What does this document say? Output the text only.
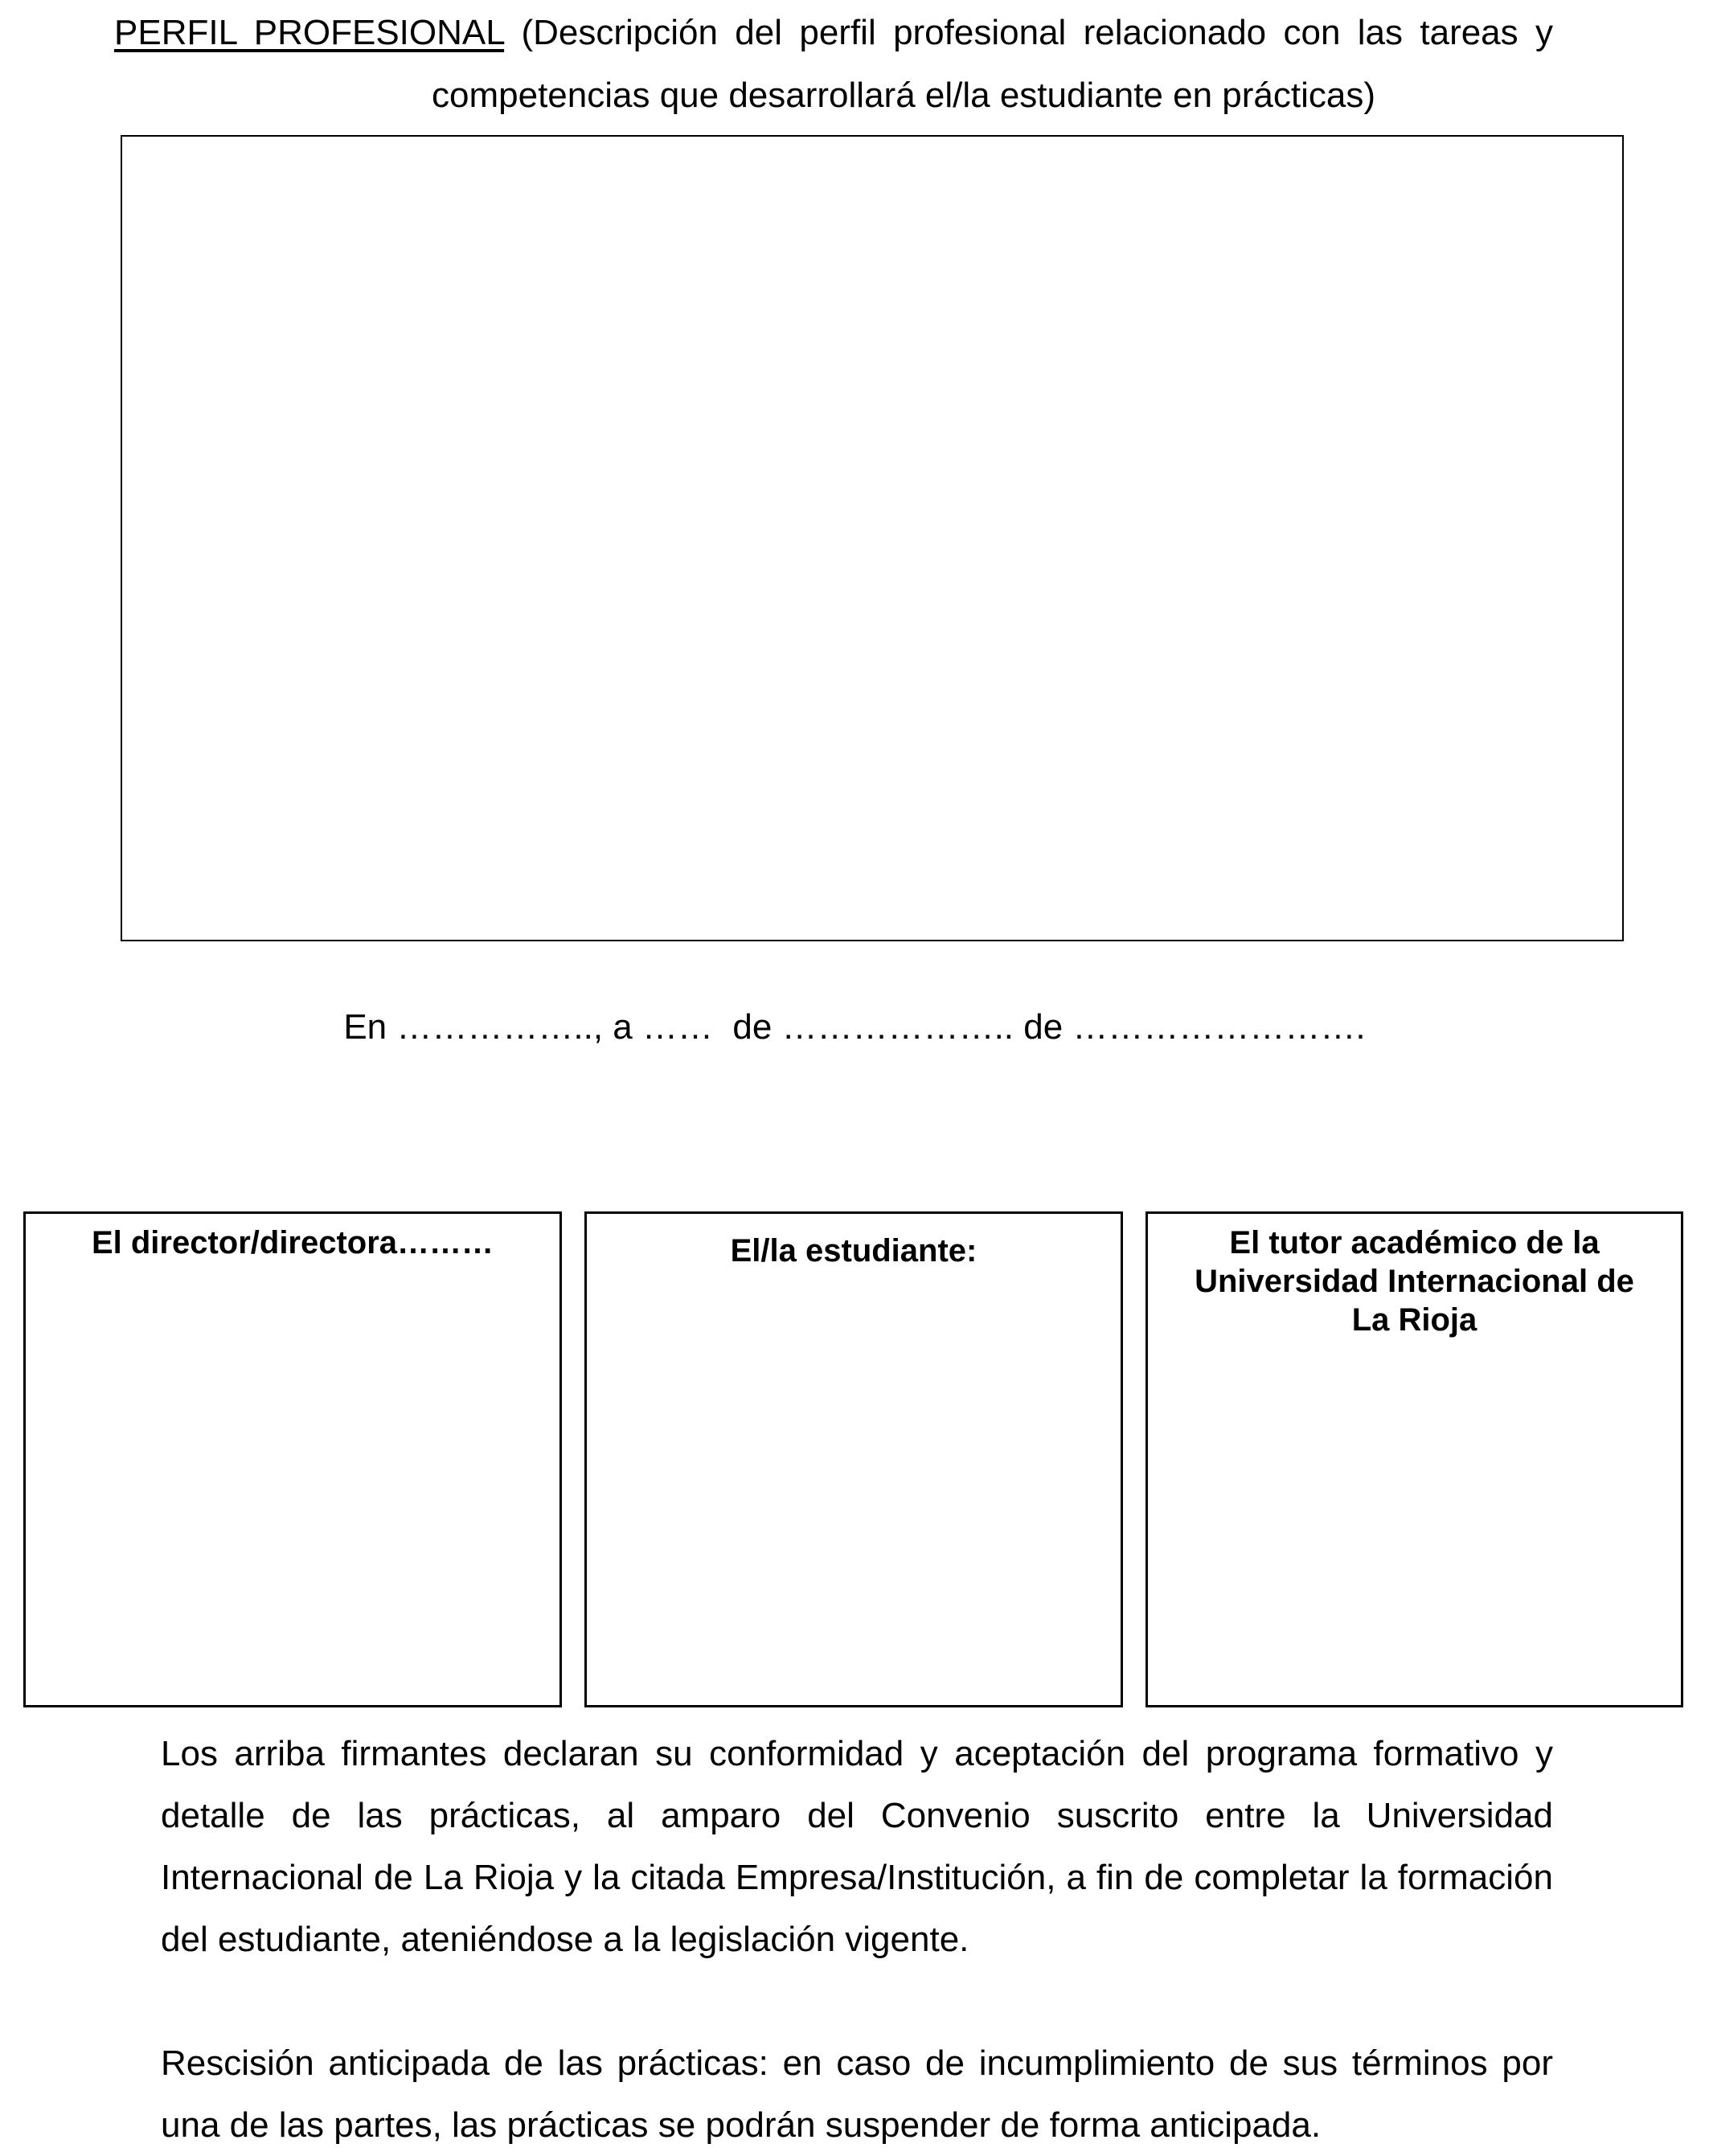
PERFIL PROFESIONAL (Descripción del perfil profesional relacionado con las tareas y
competencias que desarrollará el/la estudiante en prácticas)
En …………….., a ……  de ……………….. de …………………….
El director/directora………	El/la estudiante:	El tutor académico de la Universidad Internacional de La Rioja
Los arriba firmantes declaran su conformidad y aceptación del programa formativo y detalle de las prácticas, al amparo del Convenio suscrito entre la Universidad Internacional de La Rioja y la citada Empresa/Institución, a fin de completar la formación del estudiante, ateniéndose a la legislación vigente.
Rescisión anticipada de las prácticas: en caso de incumplimiento de sus términos por una de las partes, las prácticas se podrán suspender de forma anticipada.
